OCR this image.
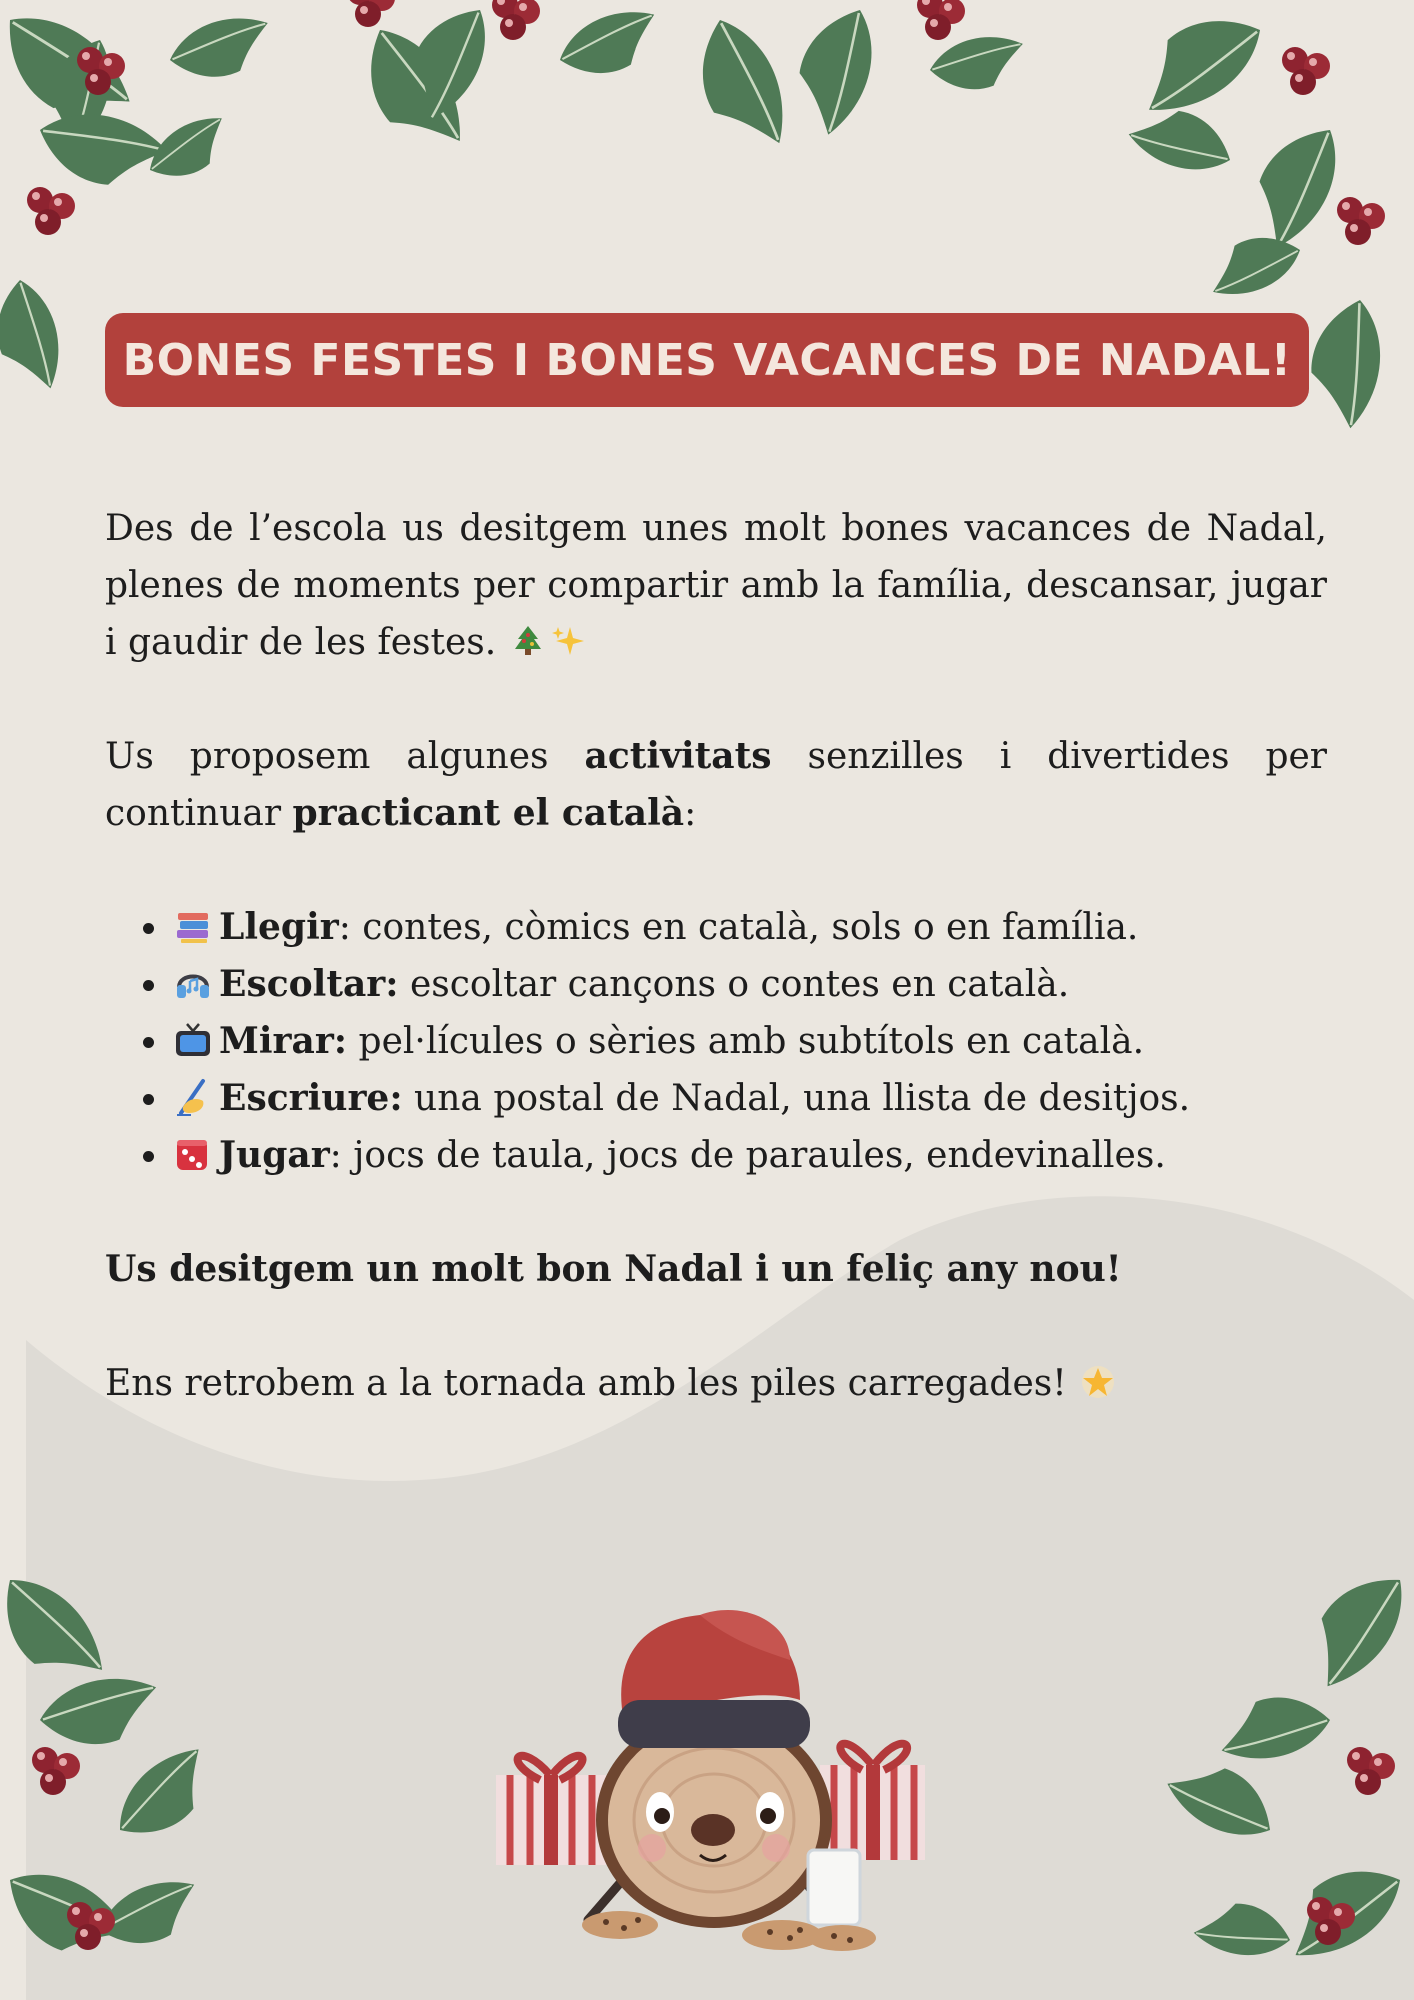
BONES FESTES I BONES VACANCES DE NADAL!

Des de l’escola us desitgem unes molt bones vacances de Nadal, plenes de moments per compartir amb la família, descansar, jugar i gaudir de les festes.

Us proposem algunes activitats senzilles i divertides per continuar practicant el català:

Llegir: contes, còmics en català, sols o en família.
Escoltar: escoltar cançons o contes en català.
Mirar: pel·lícules o sèries amb subtítols en català.
Escriure: una postal de Nadal, una llista de desitjos.
Jugar: jocs de taula, jocs de paraules, endevinalles.

Us desitgem un molt bon Nadal i un feliç any nou!

Ens retrobem a la tornada amb les piles carregades!
